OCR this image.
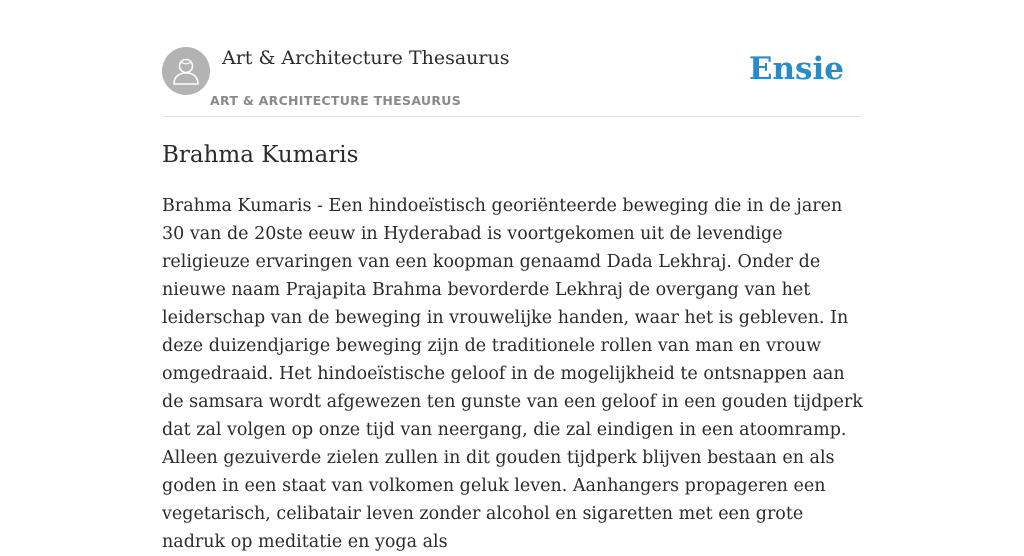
Art & Architecture Thesaurus
ART & ARCHITECTURE THESAURUS
Ensie
Brahma Kumaris

Brahma Kumaris - Een hindoeïstisch georiënteerde beweging die in de jaren 30 van de 20ste eeuw in Hyderabad is voortgekomen uit de levendige religieuze ervaringen van een koopman genaamd Dada Lekhraj. Onder de nieuwe naam Prajapita Brahma bevorderde Lekhraj de overgang van het leiderschap van de beweging in vrouwelijke handen, waar het is gebleven. In deze duizendjarige beweging zijn de traditionele rollen van man en vrouw omgedraaid. Het hindoeïstische geloof in de mogelijkheid te ontsnappen aan de samsara wordt afgewezen ten gunste van een geloof in een gouden tijdperk dat zal volgen op onze tijd van neergang, die zal eindigen in een atoomramp. Alleen gezuiverde zielen zullen in dit gouden tijdperk blijven bestaan en als goden in een staat van volkomen geluk leven. Aanhangers propageren een vegetarisch, celibatair leven zonder alcohol en sigaretten met een grote nadruk op meditatie en yoga als
